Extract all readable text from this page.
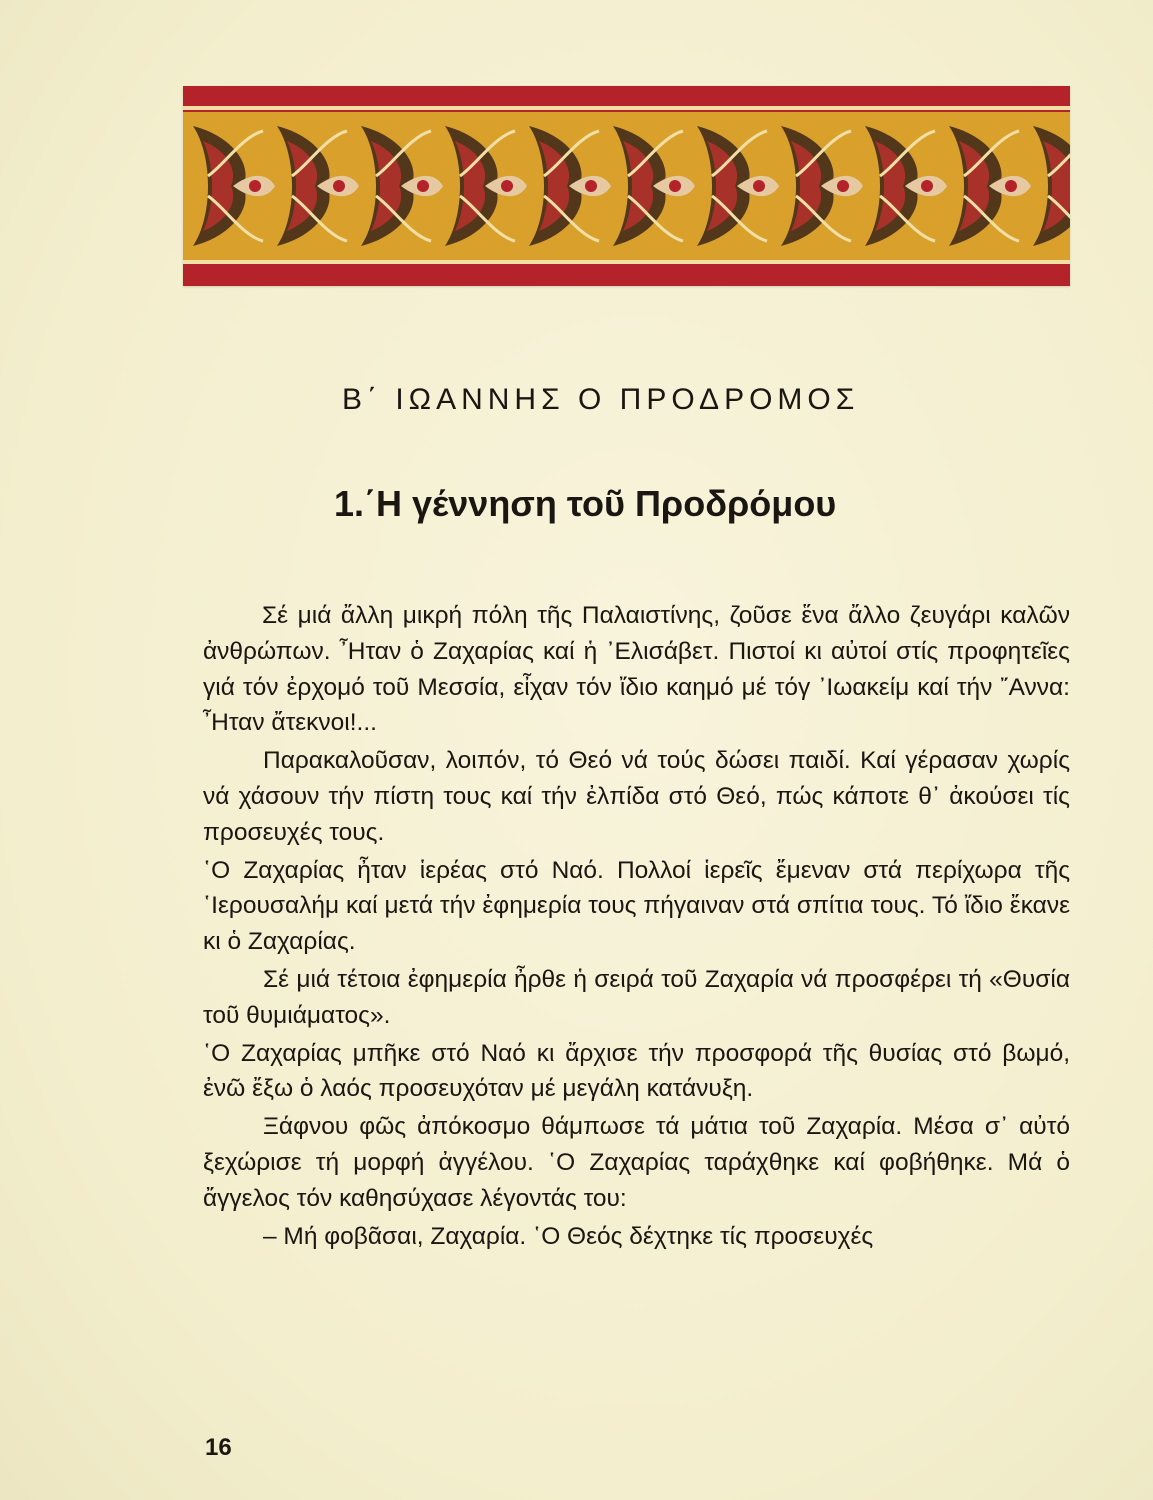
Β΄ ΙΩΑΝΝΗΣ Ο ΠΡΟΔΡΟΜΟΣ
1.΄Η γέννηση τοῦ Προδρόμου

Σέ μιά ἄλλη μικρή πόλη τῆς Παλαιστίνης, ζοῦσε ἕνα ἄλλο ζευγάρι καλῶν ἀνθρώπων. ῏Ηταν ὁ Ζαχαρίας καί ἡ ᾿Ελισάβετ. Πιστοί κι αὐτοί στίς προφητεῖες γιά τόν ἐρχομό τοῦ Μεσσία, εἶχαν τόν ἴδιο καημό μέ τόγ ᾿Ιωακείμ καί τήν ῎Αννα: ῏Ηταν ἄτεκνοι!...

Παρακαλοῦσαν, λοιπόν, τό Θεό νά τούς δώσει παιδί. Καί γέρασαν χωρίς νά χάσουν τήν πίστη τους καί τήν ἐλπίδα στό Θεό, πώς κάποτε θ᾿ ἀκούσει τίς προσευχές τους.

῾Ο Ζαχαρίας ἦταν ἱερέας στό Ναό. Πολλοί ἱερεῖς ἔμεναν στά περίχωρα τῆς ῾Ιερουσαλήμ καί μετά τήν ἐφημερία τους πήγαιναν στά σπίτια τους. Τό ἴδιο ἔκανε κι ὁ Ζαχαρίας.

Σέ μιά τέτοια ἐφημερία ἦρθε ἡ σειρά τοῦ Ζαχαρία νά προσφέρει τή «Θυσία τοῦ θυμιάματος».

῾Ο Ζαχαρίας μπῆκε στό Ναό κι ἄρχισε τήν προσφορά τῆς θυσίας στό βωμό, ἐνῶ ἔξω ὁ λαός προσευχόταν μέ μεγάλη κατάνυξη.

Ξάφνου φῶς ἀπόκοσμο θάμπωσε τά μάτια τοῦ Ζαχαρία. Μέσα σ᾿ αὐτό ξεχώρισε τή μορφή ἀγγέλου. ῾Ο Ζαχαρίας ταράχθηκε καί φοβήθηκε. Μά ὁ ἄγγελος τόν καθησύχασε λέγοντάς του:

– Μή φοβᾶσαι, Ζαχαρία. ῾Ο Θεός δέχτηκε τίς προσευχές

16
